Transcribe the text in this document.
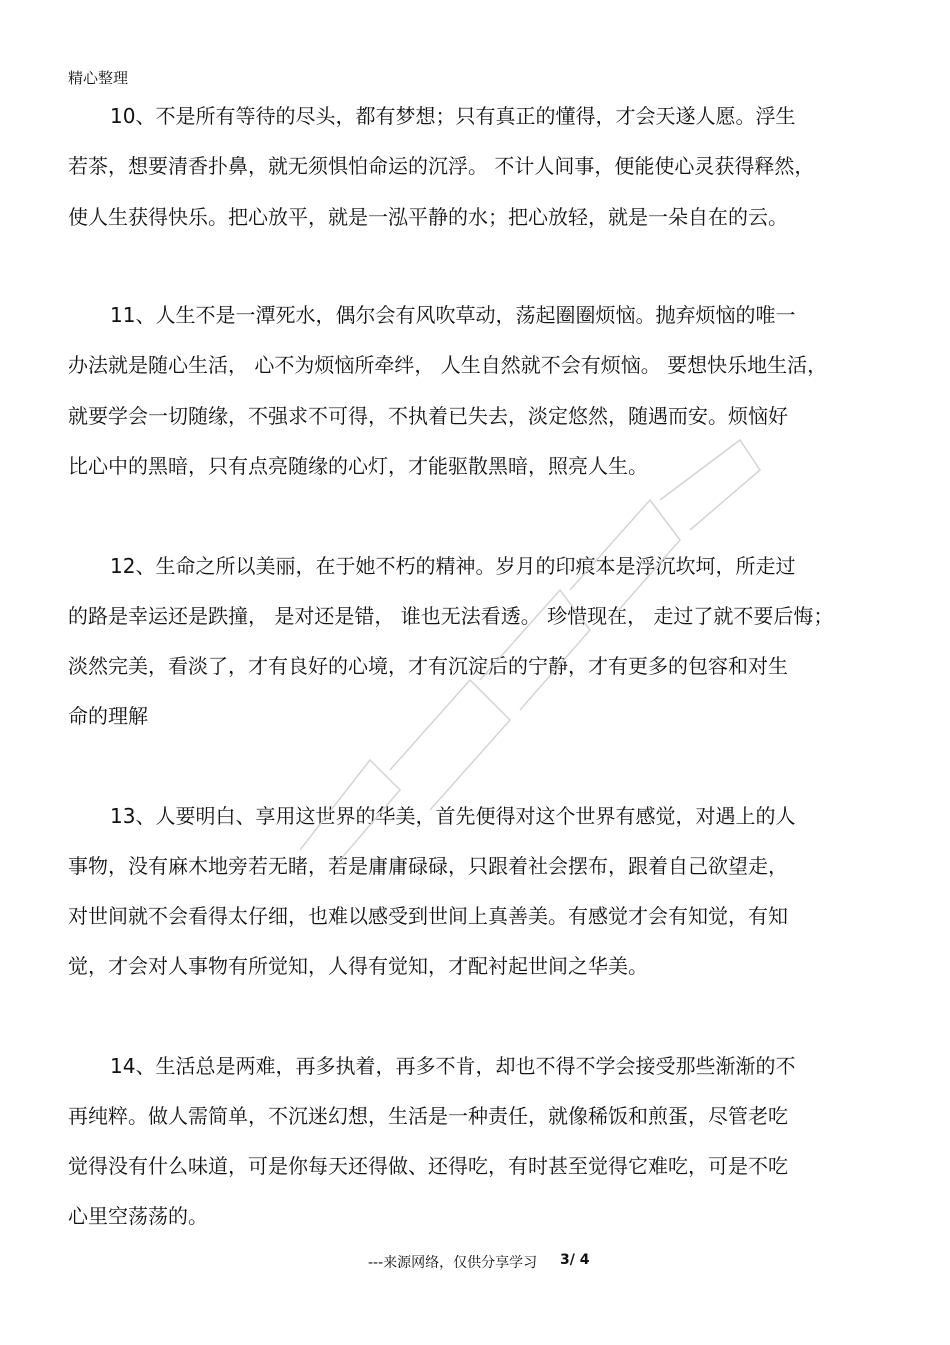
精心整理
10、不是所有等待的尽头，都有梦想；只有真正的懂得，才会天遂人愿。浮生
若茶，想要清香扑鼻，就无须惧怕命运的沉浮。 不计人间事，便能使心灵获得释然，
使人生获得快乐。把心放平，就是一泓平静的水；把心放轻，就是一朵自在的云。
11、人生不是一潭死水，偶尔会有风吹草动，荡起圈圈烦恼。抛弃烦恼的唯一
办法就是随心生活， 心不为烦恼所牵绊， 人生自然就不会有烦恼。 要想快乐地生活，
就要学会一切随缘，不强求不可得，不执着已失去，淡定悠然，随遇而安。烦恼好
比心中的黑暗，只有点亮随缘的心灯，才能驱散黑暗，照亮人生。
12、生命之所以美丽，在于她不朽的精神。岁月的印痕本是浮沉坎坷，所走过
的路是幸运还是跌撞， 是对还是错， 谁也无法看透。 珍惜现在， 走过了就不要后悔；
淡然完美，看淡了，才有良好的心境，才有沉淀后的宁静，才有更多的包容和对生
命的理解
13、人要明白、享用这世界的华美，首先便得对这个世界有感觉，对遇上的人
事物，没有麻木地旁若无睹，若是庸庸碌碌，只跟着社会摆布，跟着自己欲望走，
对世间就不会看得太仔细，也难以感受到世间上真善美。有感觉才会有知觉，有知
觉，才会对人事物有所觉知，人得有觉知，才配衬起世间之华美。
14、生活总是两难，再多执着，再多不肯，却也不得不学会接受那些渐渐的不
再纯粹。做人需简单，不沉迷幻想，生活是一种责任，就像稀饭和煎蛋，尽管老吃
觉得没有什么味道，可是你每天还得做、还得吃，有时甚至觉得它难吃，可是不吃
心里空荡荡的。
---来源网络，仅供分享学习 3/ 4
